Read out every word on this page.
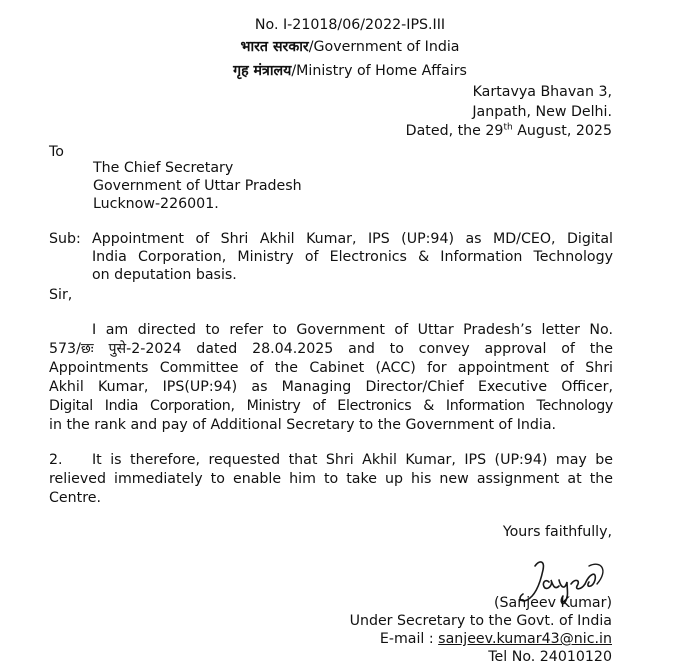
No. I-21018/06/2022-IPS.III
भारत सरकार/Government of India
गृह मंत्रालय/Ministry of Home Affairs
Kartavya Bhavan 3,
Janpath, New Delhi.
Dated, the 29th August, 2025
To
The Chief Secretary
Government of Uttar Pradesh
Lucknow-226001.
Sub: Appointment of Shri Akhil Kumar, IPS (UP:94) as MD/CEO, Digital
India Corporation, Ministry of Electronics & Information Technology
on deputation basis.
Sir,
I am directed to refer to Government of Uttar Pradesh’s letter No.
573/छः पुसे-2-2024 dated 28.04.2025 and to convey approval of the
Appointments Committee of the Cabinet (ACC) for appointment of Shri
Akhil Kumar, IPS(UP:94) as Managing Director/Chief Executive Officer,
Digital India Corporation, Ministry of Electronics & Information Technology
in the rank and pay of Additional Secretary to the Government of India.
2. It is therefore, requested that Shri Akhil Kumar, IPS (UP:94) may be
relieved immediately to enable him to take up his new assignment at the
Centre.
Yours faithfully,
(Sanjeev Kumar)
Under Secretary to the Govt. of India
E-mail : sanjeev.kumar43@nic.in
Tel No. 24010120
